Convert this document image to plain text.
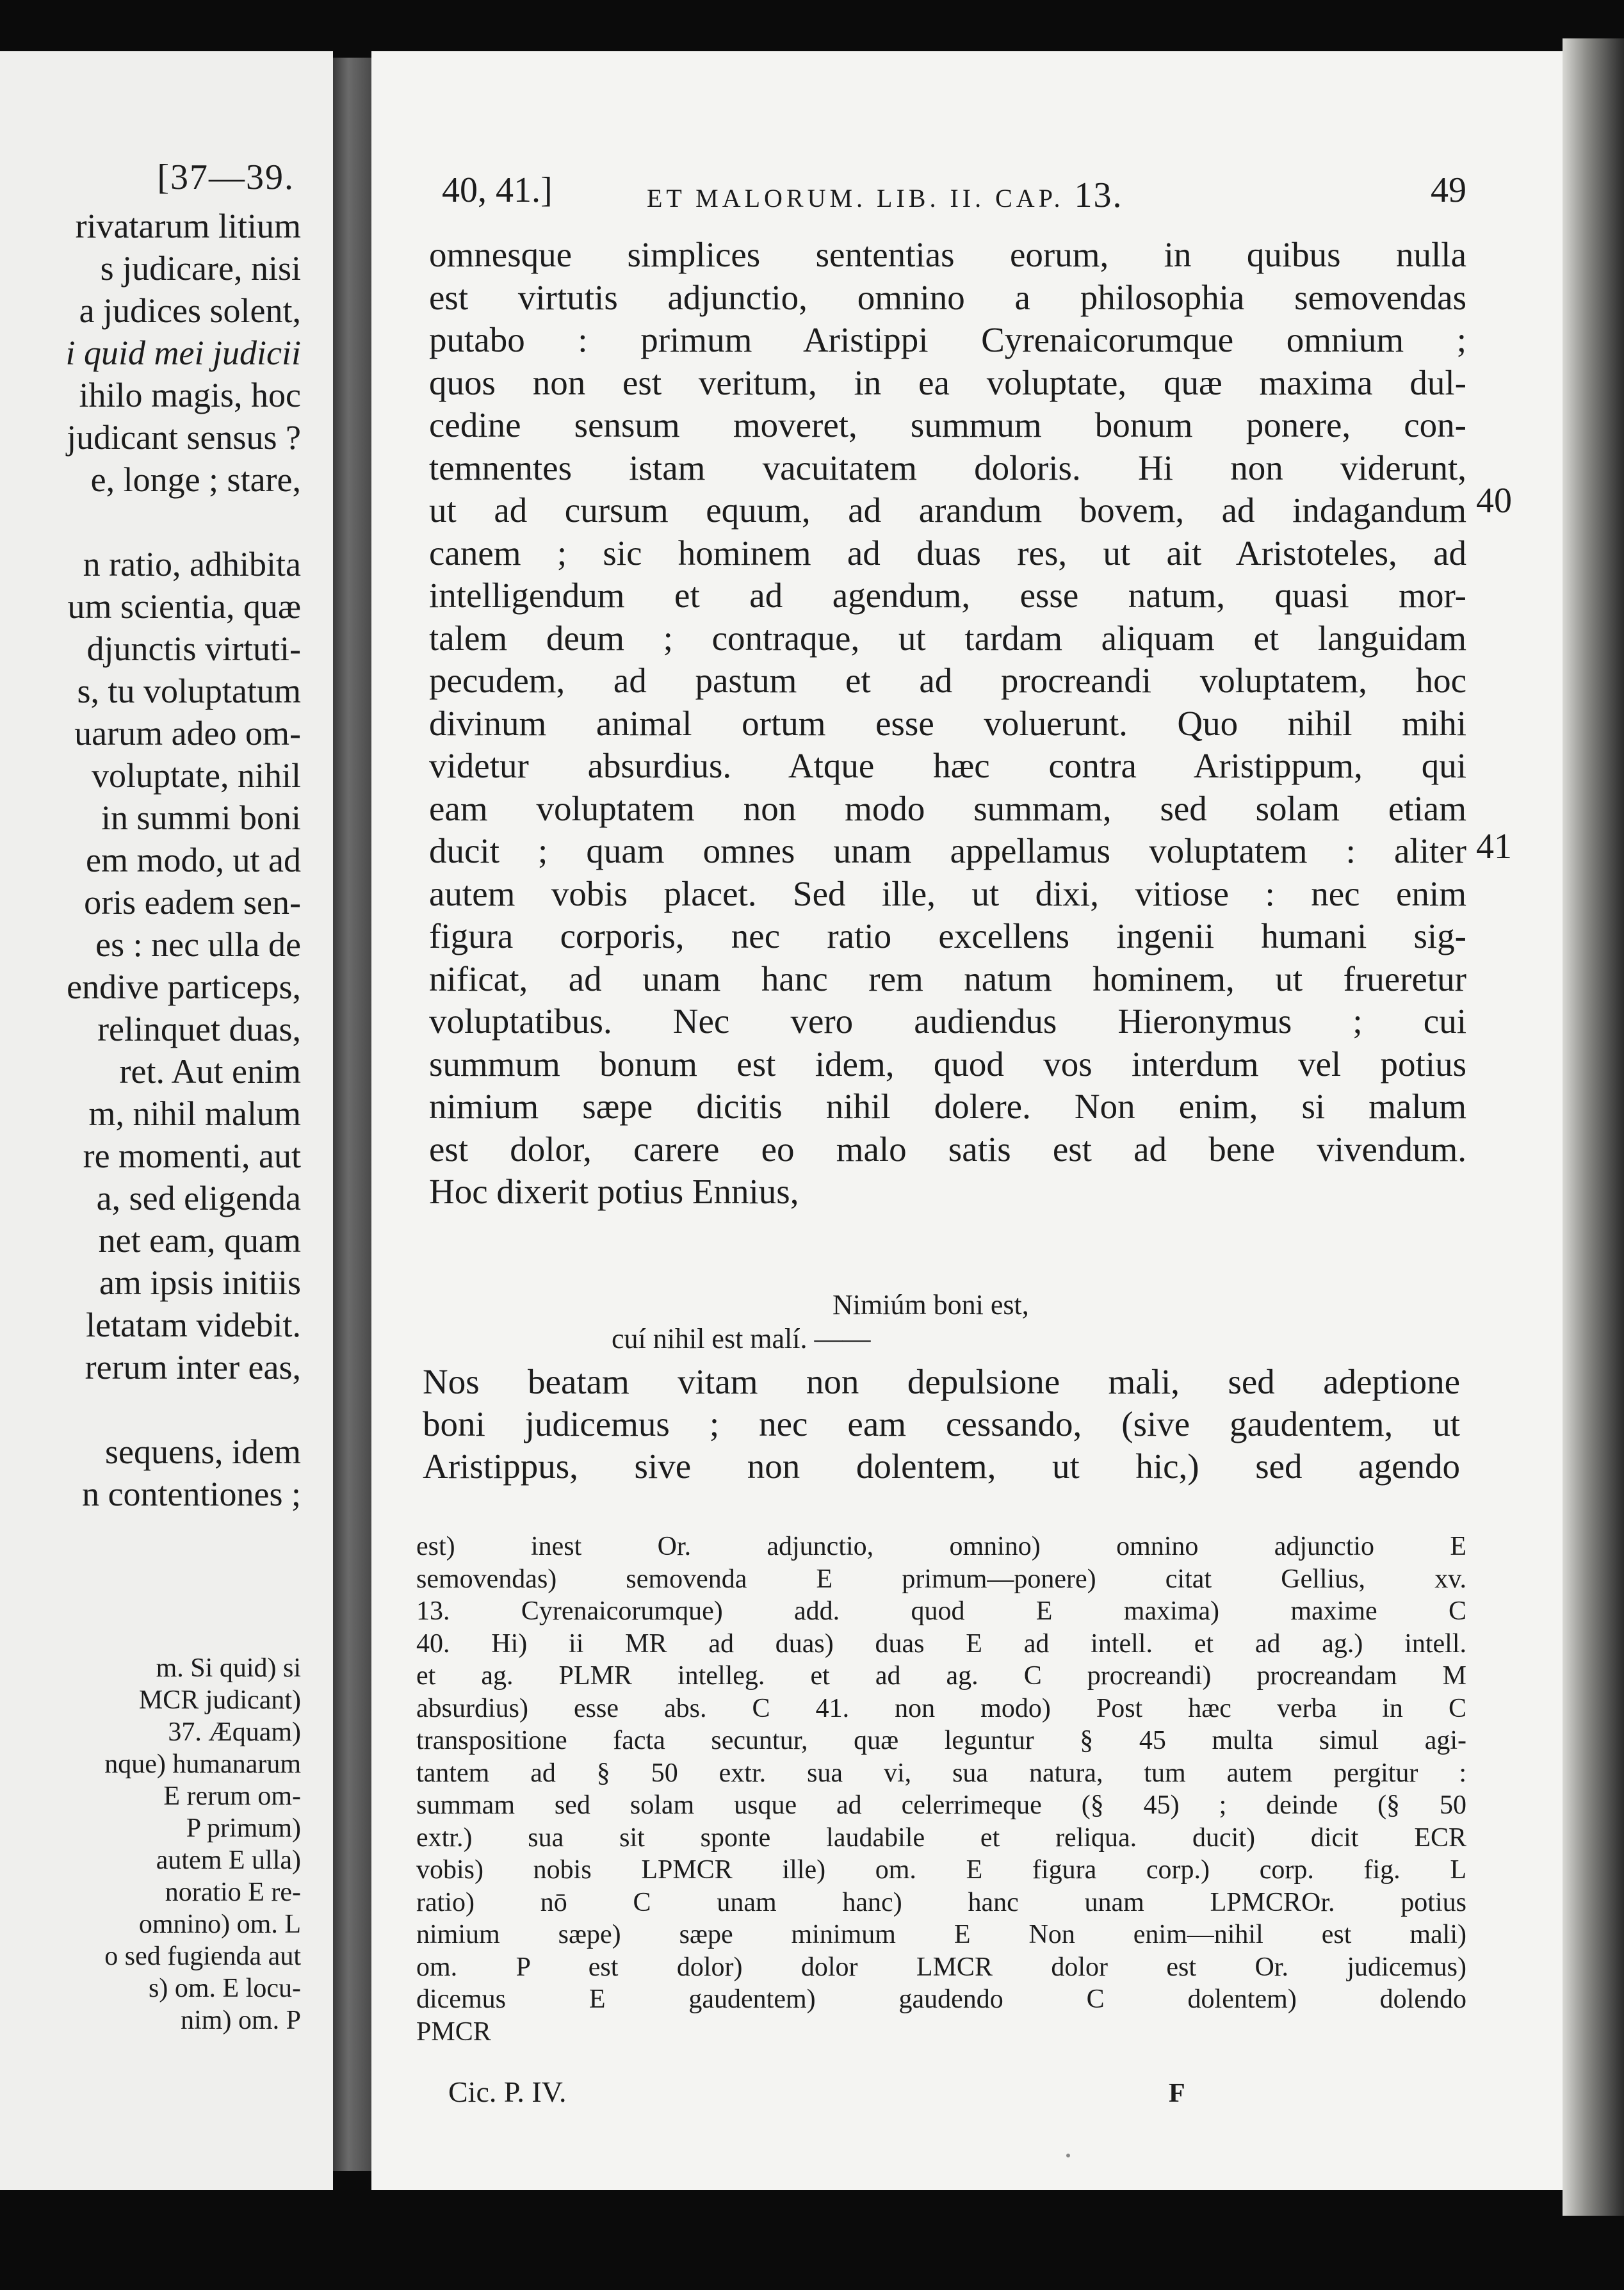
[37—39.
rivatarum litium
s judicare, nisi
a judices solent,
i quid mei judicii
ihilo magis, hoc
judicant sensus ?
e, longe ; stare,
n ratio, adhibita
um scientia, quæ
djunctis virtuti-
s, tu voluptatum
uarum adeo om-
voluptate, nihil
in summi boni
em modo, ut ad
oris eadem sen-
es : nec ulla de
endive particeps,
relinquet duas,
ret. Aut enim
m, nihil malum
re momenti, aut
a, sed eligenda
net eam, quam
am ipsis initiis
letatam videbit.
rerum inter eas,
sequens, idem
n contentiones ;
m. Si quid) si
MCR judicant)
37. Æquam)
nque) humanarum
E rerum om-
P primum)
autem E ulla)
noratio E re-
omnino) om. L
o sed fugienda aut
s) om. E locu-
nim) om. P
40, 41.]	ET MALORUM. LIB. II. CAP. 13.	49
omnesque simplices sententias eorum, in quibus nulla
est virtutis adjunctio, omnino a philosophia semovendas
putabo : primum Aristippi Cyrenaicorumque omnium ;
quos non est veritum, in ea voluptate, quæ maxima dul-
cedine sensum moveret, summum bonum ponere, con-
temnentes istam vacuitatem doloris. Hi non viderunt,
ut ad cursum equum, ad arandum bovem, ad indagandum
canem ; sic hominem ad duas res, ut ait Aristoteles, ad
intelligendum et ad agendum, esse natum, quasi mor-
talem deum ; contraque, ut tardam aliquam et languidam
pecudem, ad pastum et ad procreandi voluptatem, hoc
divinum animal ortum esse voluerunt. Quo nihil mihi
videtur absurdius. Atque hæc contra Aristippum, qui
eam voluptatem non modo summam, sed solam etiam
ducit ; quam omnes unam appellamus voluptatem : aliter
autem vobis placet. Sed ille, ut dixi, vitiose : nec enim
figura corporis, nec ratio excellens ingenii humani sig-
nificat, ad unam hanc rem natum hominem, ut frueretur
voluptatibus. Nec vero audiendus Hieronymus ; cui
summum bonum est idem, quod vos interdum vel potius
nimium sæpe dicitis nihil dolere. Non enim, si malum
est dolor, carere eo malo satis est ad bene vivendum.
Hoc dixerit potius Ennius,
40
41
Nimiúm boni est,
cuí nihil est malí. ——
Nos beatam vitam non depulsione mali, sed adeptione
boni judicemus ; nec eam cessando, (sive gaudentem, ut
Aristippus, sive non dolentem, ut hic,) sed agendo
est) inest Or. adjunctio, omnino) omnino adjunctio E
semovendas) semovenda E primum—ponere) citat Gellius, xv.
13. Cyrenaicorumque) add. quod E maxima) maxime C
40. Hi) ii MR ad duas) duas E ad intell. et ad ag.) intell.
et ag. PLMR intelleg. et ad ag. C procreandi) procreandam M
absurdius) esse abs. C 41. non modo) Post hæc verba in C
transpositione facta secuntur, quæ leguntur § 45 multa simul agi-
tantem ad § 50 extr. sua vi, sua natura, tum autem pergitur :
summam sed solam usque ad celerrimeque (§ 45) ; deinde (§ 50
extr.) sua sit sponte laudabile et reliqua. ducit) dicit ECR
vobis) nobis LPMCR ille) om. E figura corp.) corp. fig. L
ratio) nō C unam hanc) hanc unam LPMCROr. potius
nimium sæpe) sæpe minimum E Non enim—nihil est mali)
om. P est dolor) dolor LMCR dolor est Or. judicemus)
dicemus E gaudentem) gaudendo C dolentem) dolendo
PMCR
Cic. P. IV.	F
